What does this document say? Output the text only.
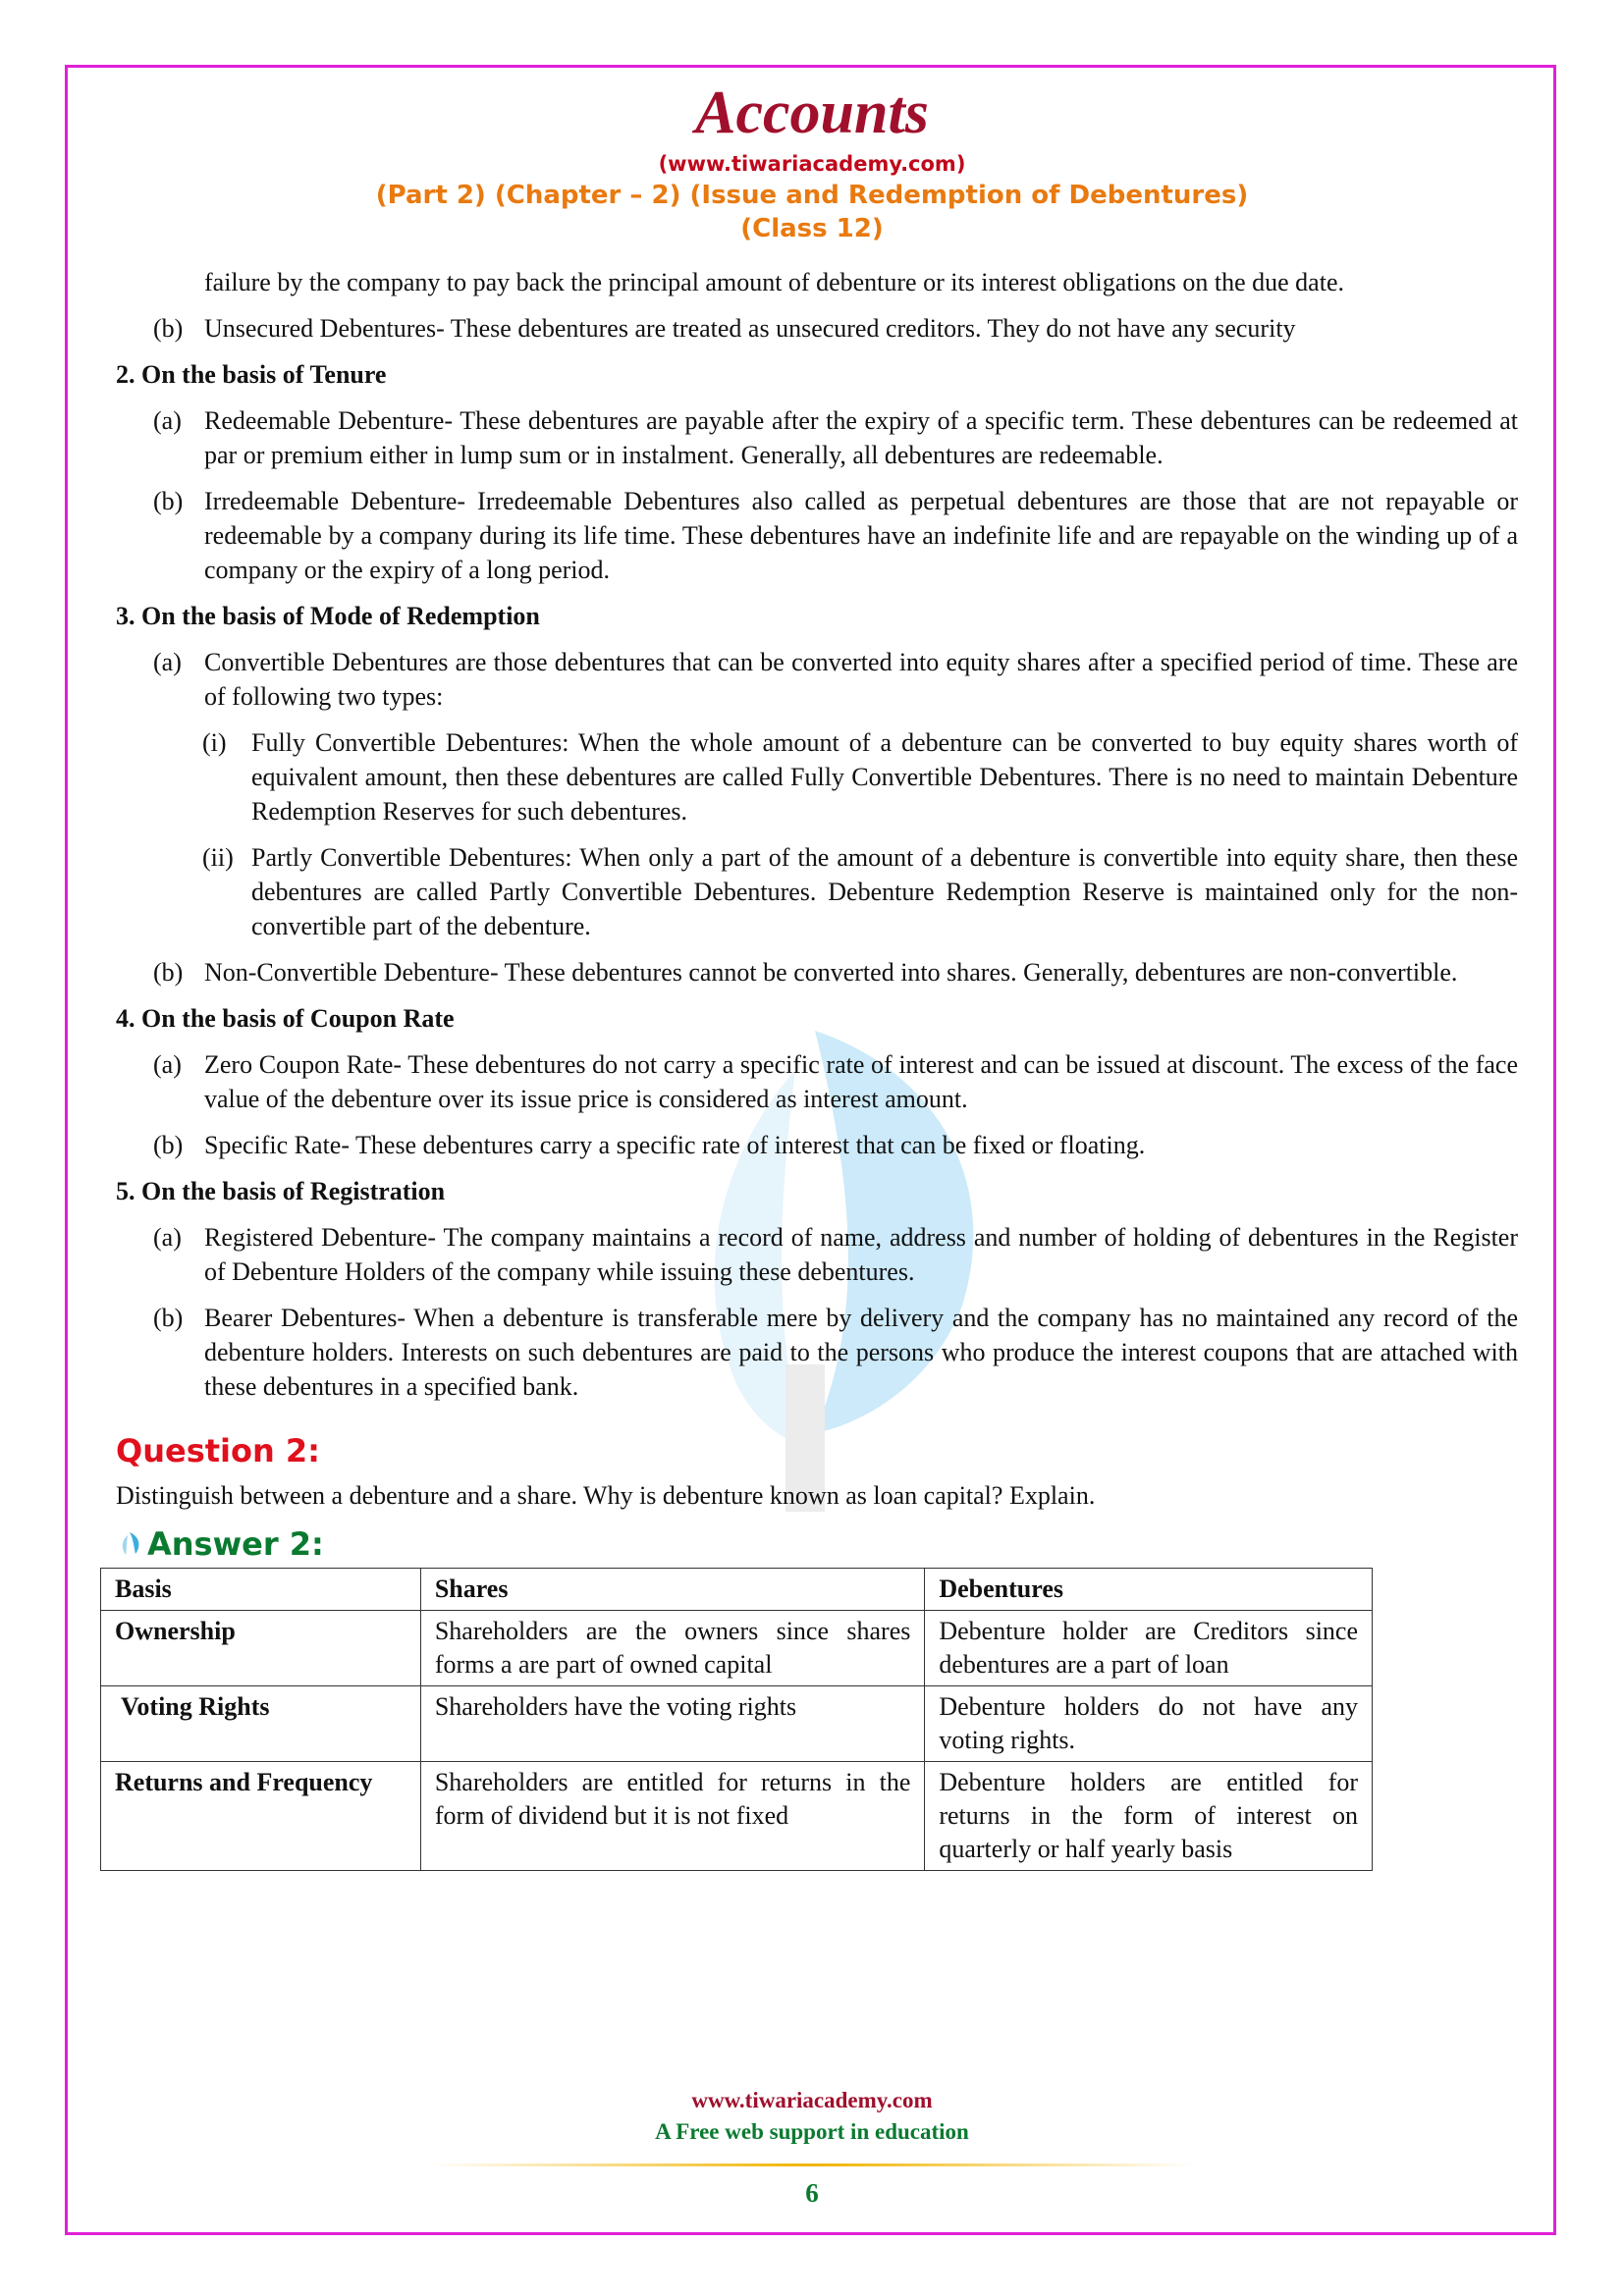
Accounts
(www.tiwariacademy.com)
(Part 2) (Chapter – 2) (Issue and Redemption of Debentures)
(Class 12)
failure by the company to pay back the principal amount of debenture or its interest obligations on the due date.
(b) Unsecured Debentures- These debentures are treated as unsecured creditors. They do not have any security
2. On the basis of Tenure
(a) Redeemable Debenture- These debentures are payable after the expiry of a specific term. These debentures can be redeemed at par or premium either in lump sum or in instalment. Generally, all debentures are redeemable.
(b) Irredeemable Debenture- Irredeemable Debentures also called as perpetual debentures are those that are not repayable or redeemable by a company during its life time. These debentures have an indefinite life and are repayable on the winding up of a company or the expiry of a long period.
3. On the basis of Mode of Redemption
(a) Convertible Debentures are those debentures that can be converted into equity shares after a specified period of time. These are of following two types:
(i) Fully Convertible Debentures: When the whole amount of a debenture can be converted to buy equity shares worth of equivalent amount, then these debentures are called Fully Convertible Debentures. There is no need to maintain Debenture Redemption Reserves for such debentures.
(ii) Partly Convertible Debentures: When only a part of the amount of a debenture is convertible into equity share, then these debentures are called Partly Convertible Debentures. Debenture Redemption Reserve is maintained only for the non-convertible part of the debenture.
(b) Non-Convertible Debenture- These debentures cannot be converted into shares. Generally, debentures are non-convertible.
4. On the basis of Coupon Rate
(a) Zero Coupon Rate- These debentures do not carry a specific rate of interest and can be issued at discount. The excess of the face value of the debenture over its issue price is considered as interest amount.
(b) Specific Rate- These debentures carry a specific rate of interest that can be fixed or floating.
5. On the basis of Registration
(a) Registered Debenture- The company maintains a record of name, address and number of holding of debentures in the Register of Debenture Holders of the company while issuing these debentures.
(b) Bearer Debentures- When a debenture is transferable mere by delivery and the company has no maintained any record of the debenture holders. Interests on such debentures are paid to the persons who produce the interest coupons that are attached with these debentures in a specified bank.
Question 2:
Distinguish between a debenture and a share. Why is debenture known as loan capital? Explain.
Answer 2:
Basis	Shares	Debentures
Ownership	Shareholders are the owners since shares forms a are part of owned capital	Debenture holder are Creditors since debentures are a part of loan
Voting Rights	Shareholders have the voting rights	Debenture holders do not have any voting rights.
Returns and Frequency	Shareholders are entitled for returns in the form of dividend but it is not fixed	Debenture holders are entitled for returns in the form of interest on quarterly or half yearly basis
www.tiwariacademy.com
A Free web support in education
6
